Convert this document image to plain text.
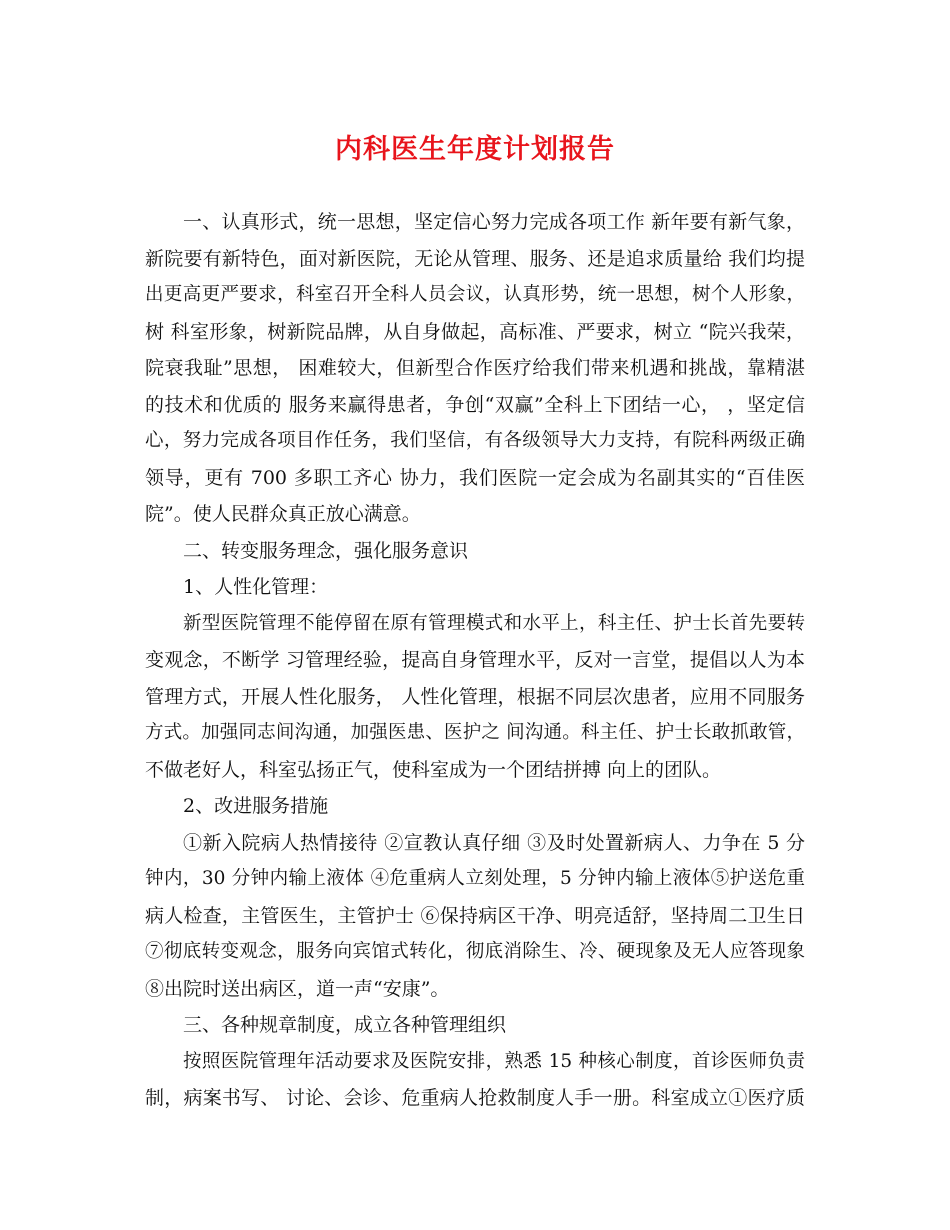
内科医生年度计划报告
一、认真形式，统一思想，坚定信心努力完成各项工作 新年要有新气象，
新院要有新特色，面对新医院，无论从管理、服务、还是追求质量给 我们均提
出更高更严要求，科室召开全科人员会议，认真形势，统一思想，树个人形象，
树 科室形象，树新院品牌，从自身做起，高标准、严要求，树立 “院兴我荣，
院衰我耻”思想， 困难较大，但新型合作医疗给我们带来机遇和挑战，靠精湛
的技术和优质的 服务来赢得患者，争创“双赢”全科上下团结一心， ，坚定信
心，努力完成各项目作任务，我们坚信，有各级领导大力支持，有院科两级正确
领导，更有 700 多职工齐心 协力，我们医院一定会成为名副其实的“百佳医
院”。使人民群众真正放心满意。
二、转变服务理念，强化服务意识
1、人性化管理：
新型医院管理不能停留在原有管理模式和水平上，科主任、护士长首先要转
变观念，不断学 习管理经验，提高自身管理水平，反对一言堂，提倡以人为本
管理方式，开展人性化服务， 人性化管理，根据不同层次患者，应用不同服务
方式。加强同志间沟通，加强医患、医护之 间沟通。科主任、护士长敢抓敢管，
不做老好人，科室弘扬正气，使科室成为一个团结拼搏 向上的团队。
2、改进服务措施
①新入院病人热情接待 ②宣教认真仔细 ③及时处置新病人、力争在 5 分
钟内，30 分钟内输上液体 ④危重病人立刻处理，5 分钟内输上液体⑤护送危重
病人检查，主管医生，主管护士 ⑥保持病区干净、明亮适舒，坚持周二卫生日
⑦彻底转变观念，服务向宾馆式转化，彻底消除生、冷、硬现象及无人应答现象
⑧出院时送出病区，道一声“安康”。
三、各种规章制度，成立各种管理组织
按照医院管理年活动要求及医院安排，熟悉 15 种核心制度，首诊医师负责
制，病案书写、 讨论、会诊、危重病人抢救制度人手一册。科室成立①医疗质
